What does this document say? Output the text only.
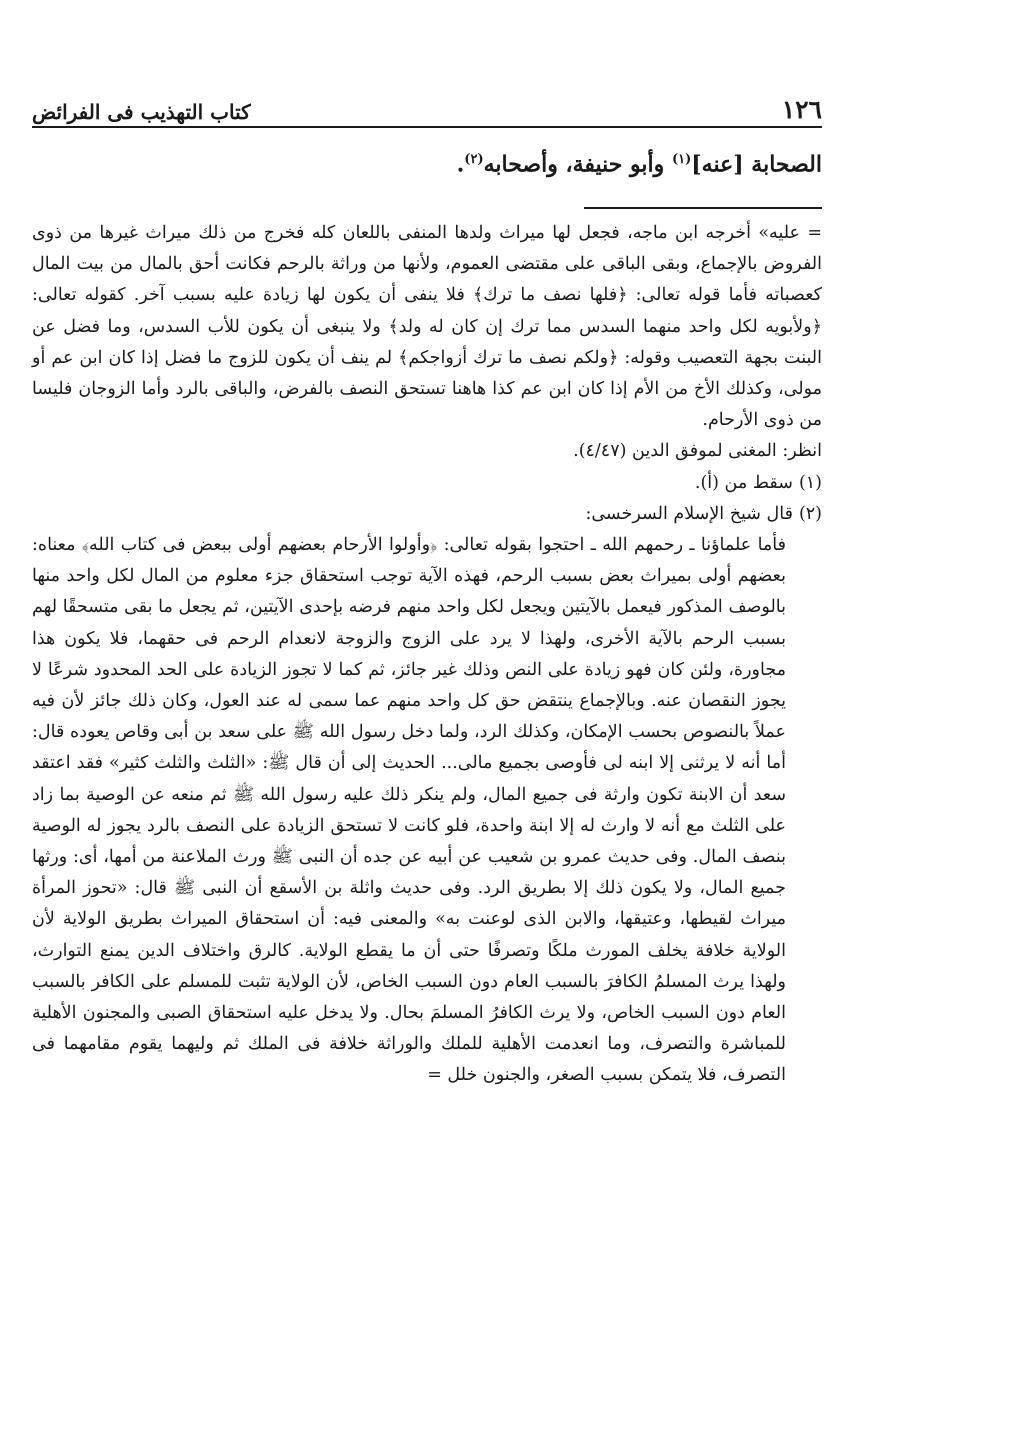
١٢٦
كتاب التهذيب فى الفرائض
الصحابة [عنه]$^{(١)}$ وأبو حنيفة، وأصحابه$^{(٢)}$.

= عليه» أخرجه ابن ماجه، فجعل لها ميراث ولدها المنفى باللعان كله فخرج من ذلك ميراث غيرها من ذوى الفروض بالإجماع، وبقى الباقى على مقتضى العموم، ولأنها من وراثة بالرحم فكانت أحق بالمال من بيت المال كعصباته فأما قوله تعالى: ﴿فلها نصف ما ترك﴾ فلا ينفى أن يكون لها زيادة عليه بسبب آخر. كقوله تعالى: ﴿ولأبويه لكل واحد منهما السدس مما ترك إن كان له ولد﴾ ولا ينبغى أن يكون للأب السدس، وما فضل عن البنت بجهة التعصيب وقوله: ﴿ولكم نصف ما ترك أزواجكم﴾ لم ينف أن يكون للزوج ما فضل إذا كان ابن عم أو مولى، وكذلك الأخ من الأم إذا كان ابن عم كذا هاهنا تستحق النصف بالفرض، والباقى بالرد وأما الزوجان فليسا من ذوى الأرحام.

انظر: المغنى لموفق الدين (٤/٤٧).

(١)سقط من (أ).

(٢)قال شيخ الإسلام السرخسى:

فأما علماؤنا ـ رحمهم الله ـ احتجوا بقوله تعالى: ﴿وأولوا الأرحام بعضهم أولى ببعض فى كتاب الله﴾ معناه: بعضهم أولى بميراث بعض بسبب الرحم، فهذه الآية توجب استحقاق جزء معلوم من المال لكل واحد منها بالوصف المذكور فيعمل بالآيتين ويجعل لكل واحد منهم فرضه بإحدى الآيتين، ثم يجعل ما بقى متسحقًا لهم بسبب الرحم بالآية الأخرى، ولهذا لا يرد على الزوج والزوجة لانعدام الرحم فى حقهما، فلا يكون هذا مجاورة، ولئن كان فهو زيادة على النص وذلك غير جائز، ثم كما لا تجوز الزيادة على الحد المحدود شرعًا لا يجوز النقصان عنه. وبالإجماع ينتقض حق كل واحد منهم عما سمى له عند العول، وكان ذلك جائز لأن فيه عملاً بالنصوص بحسب الإمكان، وكذلك الرد، ولما دخل رسول الله ﷺ على سعد بن أبى وقاص يعوده قال: أما أنه لا يرثنى إلا ابنه لى فأوصى بجميع مالى... الحديث إلى أن قال ﷺ: «الثلث والثلث كثير» فقد اعتقد سعد أن الابنة تكون وارثة فى جميع المال، ولم ينكر ذلك عليه رسول الله ﷺ ثم منعه عن الوصية بما زاد على الثلث مع أنه لا وارث له إلا ابنة واحدة، فلو كانت لا تستحق الزيادة على النصف بالرد يجوز له الوصية بنصف المال. وفى حديث عمرو بن شعيب عن أبيه عن جده أن النبى ﷺ ورث الملاعنة من أمها، أى: ورثها جميع المال، ولا يكون ذلك إلا بطريق الرد. وفى حديث واثلة بن الأسقع أن النبى ﷺ قال: «تحوز المرأة ميراث لقيطها، وعتيقها، والابن الذى لوعنت به» والمعنى فيه: أن استحقاق الميراث بطريق الولاية لأن الولاية خلافة يخلف المورث ملكًا وتصرفًا حتى أن ما يقطع الولاية. كالرق واختلاف الدين يمنع التوارث، ولهذا يرث المسلمُ الكافرَ بالسبب العام دون السبب الخاص، لأن الولاية تثبت للمسلم على الكافر بالسبب العام دون السبب الخاص، ولا يرث الكافرُ المسلمَ بحال. ولا يدخل عليه استحقاق الصبى والمجنون الأهلية للمباشرة والتصرف، وما انعدمت الأهلية للملك والوراثة خلافة فى الملك ثم وليهما يقوم مقامهما فى التصرف، فلا يتمكن بسبب الصغر، والجنون خلل =
